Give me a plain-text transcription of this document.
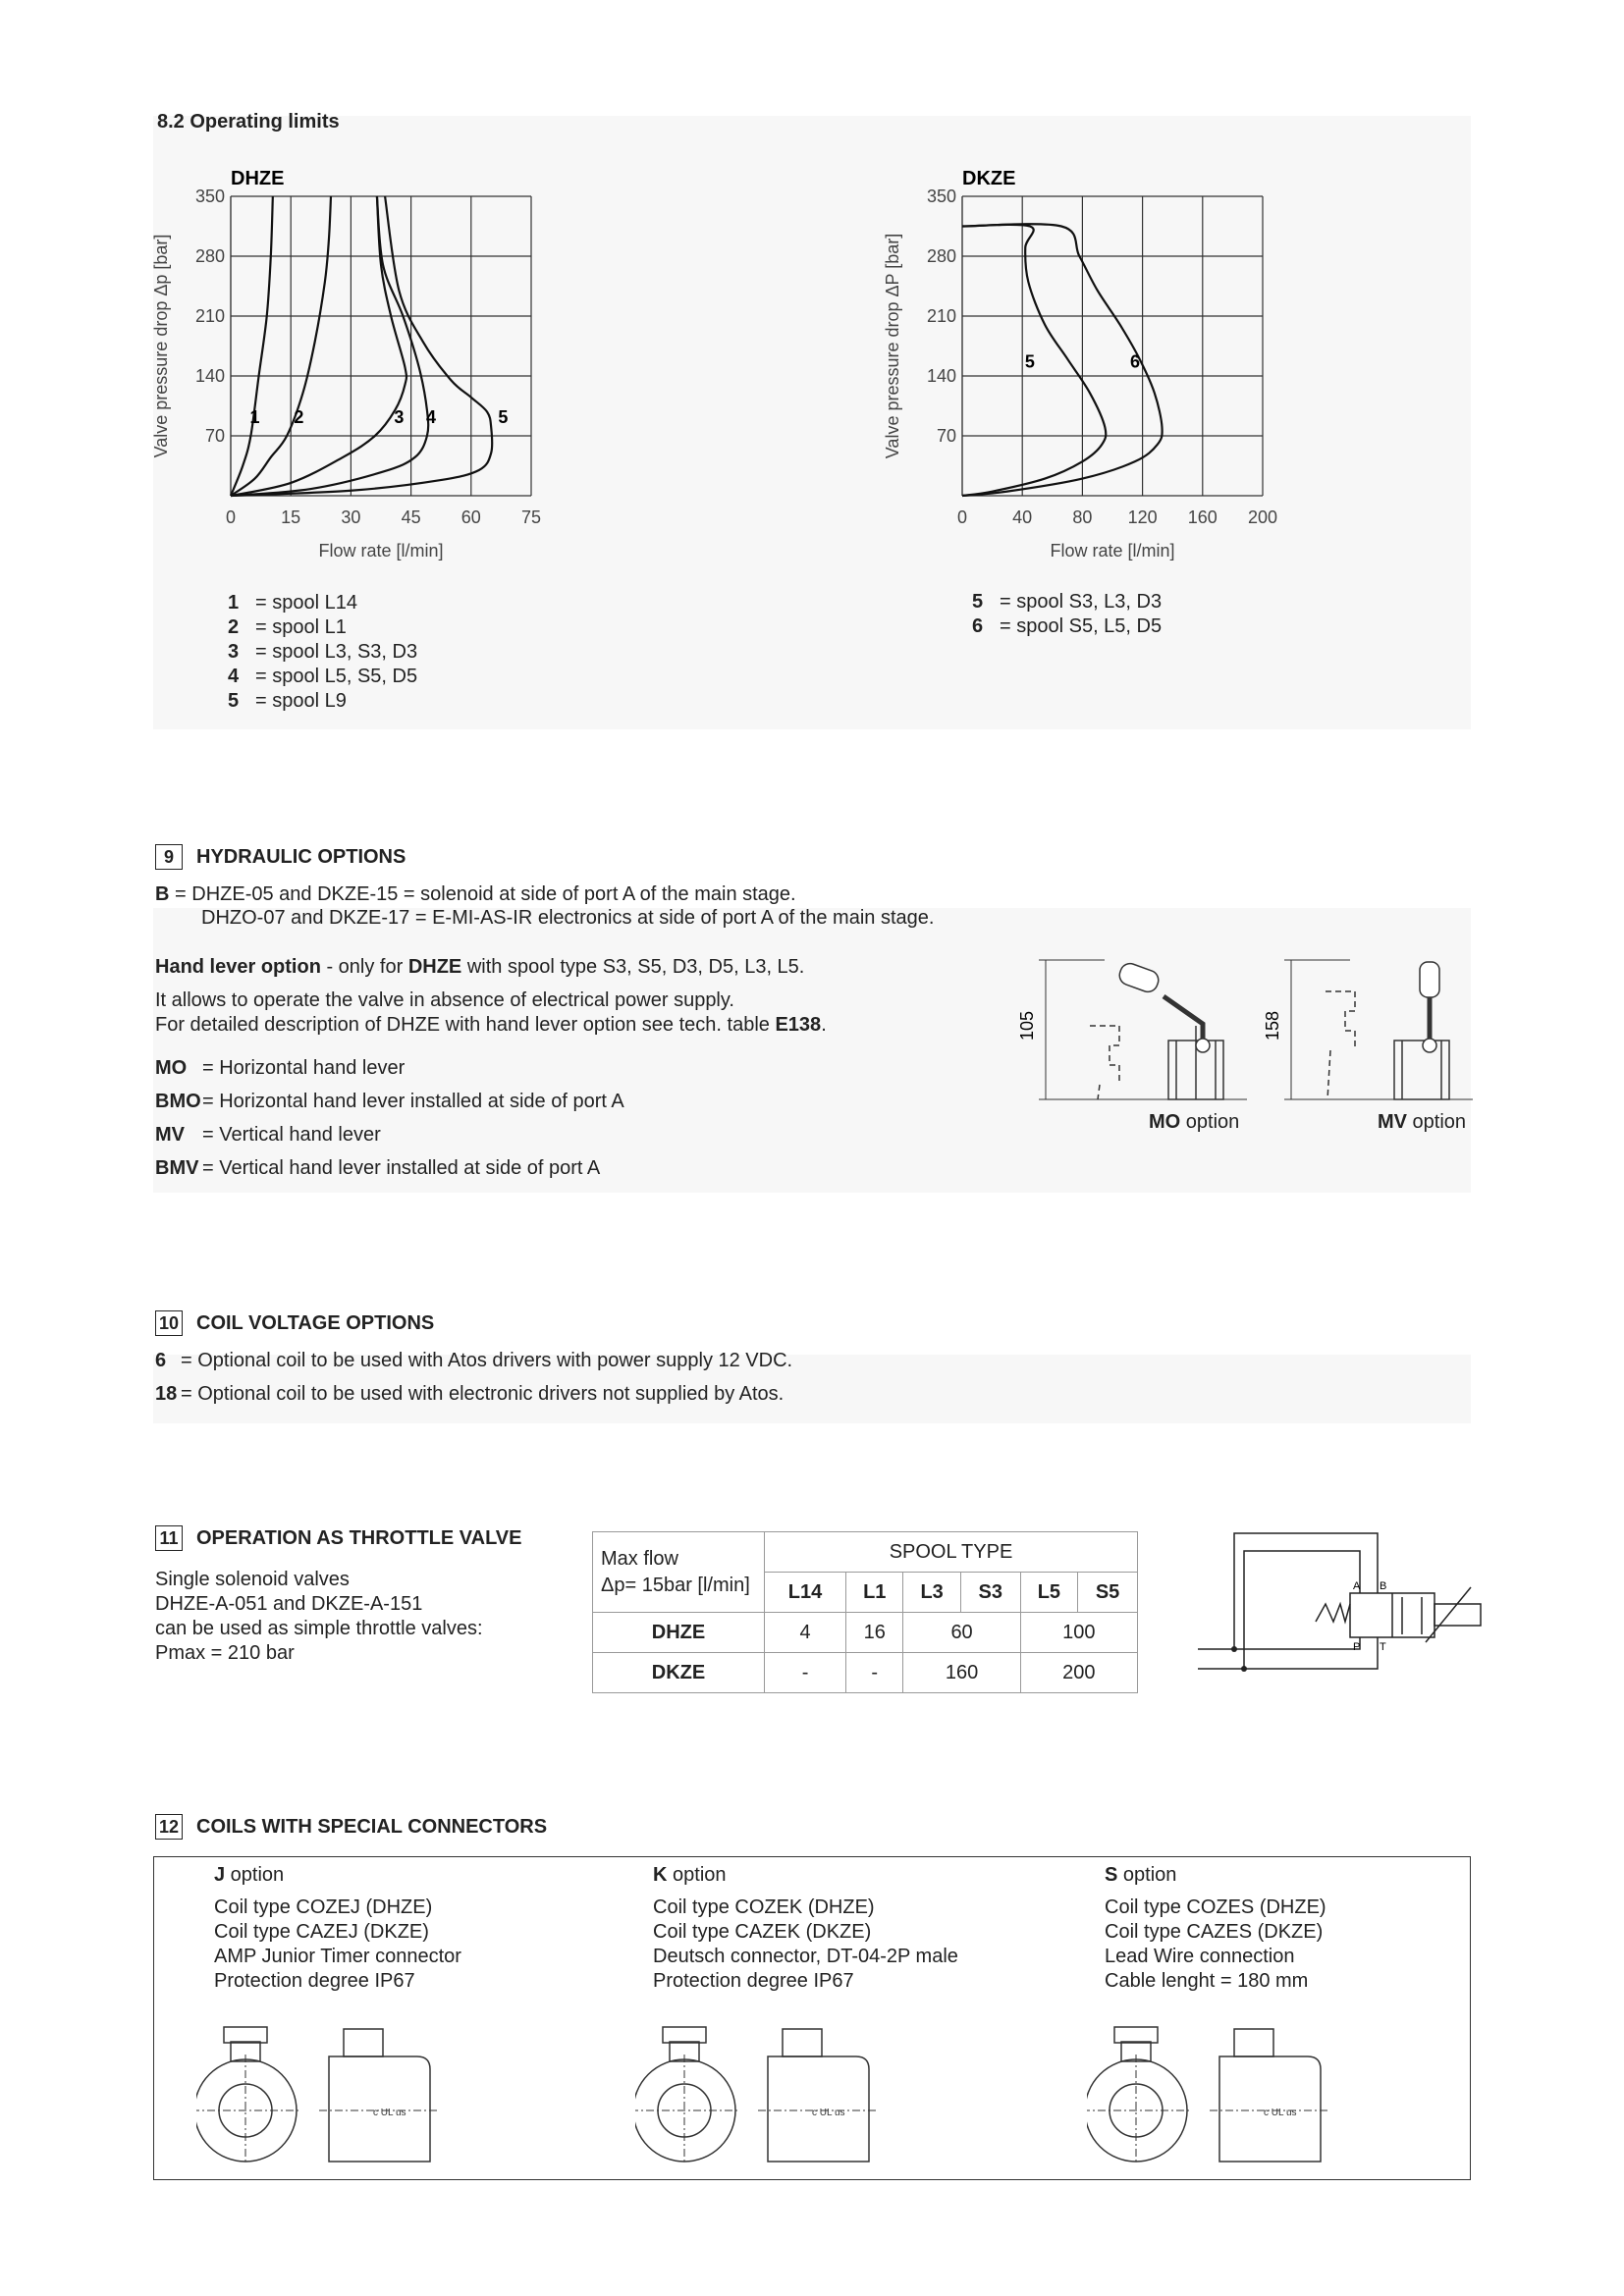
8.2 Operating limits
DHZE
0	15 30 45 60 75
70
140
210
280
350
Flow rate [l/min]
Valve pressure drop Δp [bar]	1 2	3 4	5
DKZE
0	40 80 120 160 200
70
140
210
280
350
Flow rate [l/min]
Valve pressure drop ΔP [bar]	5	6
1 = spool L14
2 = spool L1
3 = spool L3, S3, D3
4 = spool L5, S5, D5
5 = spool L9
5 = spool S3, L3, D3
6 = spool S5, L5, D5
9 HYDRAULIC OPTIONS
B = DHZE-05 and DKZE-15 = solenoid at side of port A of the main stage.
DHZO-07 and DKZE-17 = E-MI-AS-IR electronics at side of port A of the main stage.
Hand lever option - only for DHZE with spool type S3, S5, D3, D5, L3, L5.
It allows to operate the valve in absence of electrical power supply.
For detailed description of DHZE with hand lever option see tech. table E138.
MO = Horizontal hand lever
BMO= Horizontal hand lever installed at side of port A
MV = Vertical hand lever
BMV = Vertical hand lever installed at side of port A
105	158
MO option	MV option
10 COIL VOLTAGE OPTIONS
6 = Optional coil to be used with Atos drivers with power supply 12 VDC.
18 = Optional coil to be used with electronic drivers not supplied by Atos.
11 OPERATION AS THROTTLE VALVE
Single solenoid valves
DHZE-A-051 and DKZE-A-151
can be used as simple throttle valves:
Pmax = 210 bar
Max flow
Δp= 15bar [l/min]	SPOOL TYPE					
	L14	L1	L3	S3	L5	S5
DHZE	4	16	60		100	
DKZE	-	-	160		200	
A B
P T
12 COILS WITH SPECIAL CONNECTORS
J option
Coil type COZEJ (DHZE)
Coil type CAZEJ (DKZE)
AMP Junior Timer connector
Protection degree IP67
c UL us
K option
Coil type COZEK (DHZE)
Coil type CAZEK (DKZE)
Deutsch connector, DT-04-2P male
Protection degree IP67
c UL us
S option
Coil type COZES (DHZE)
Coil type CAZES (DKZE)
Lead Wire connection
Cable lenght = 180 mm
c UL us
